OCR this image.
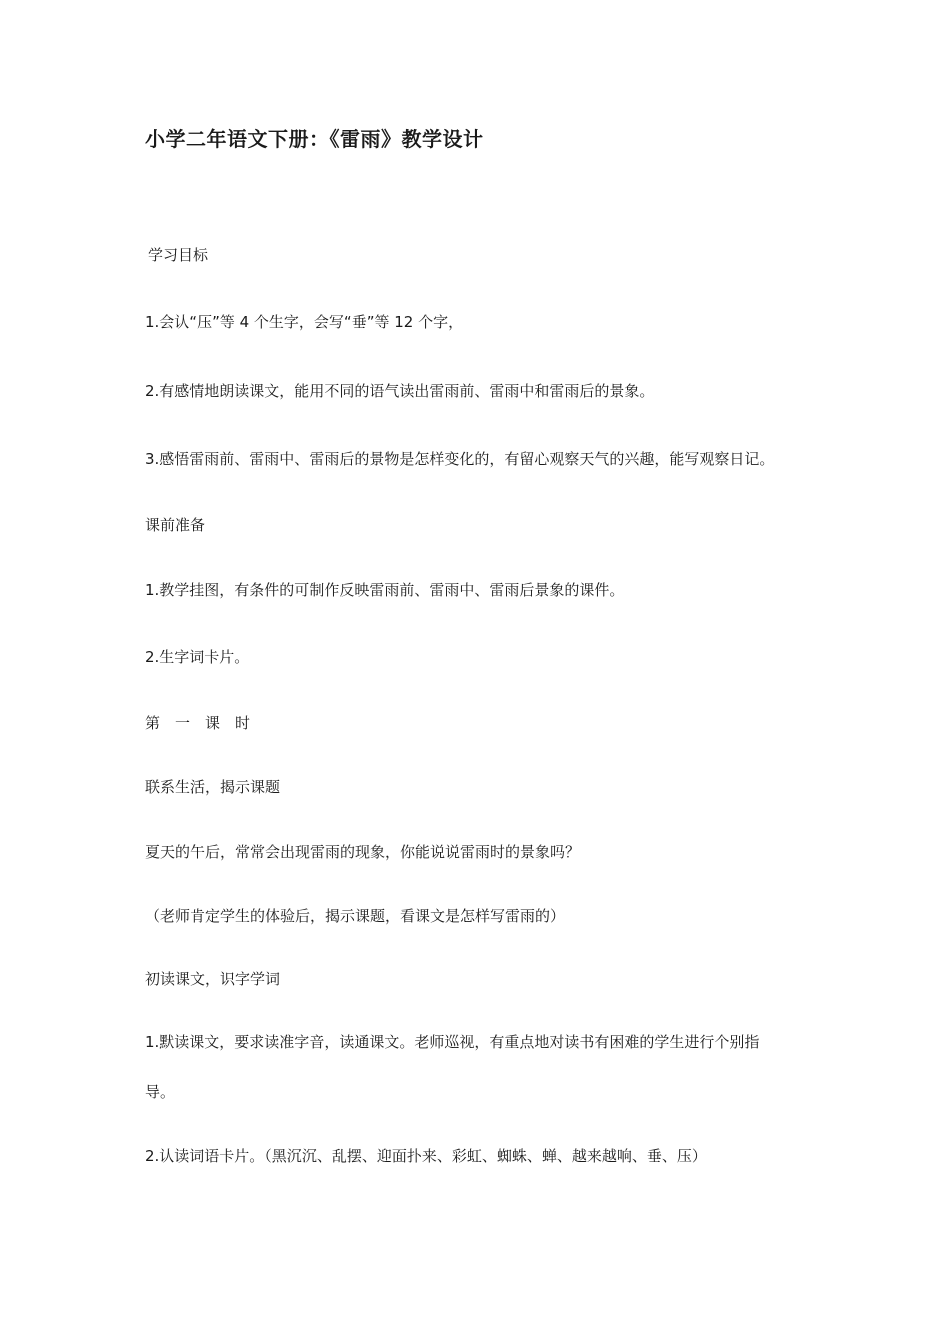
小学二年语文下册：《雷雨》教学设计
学习目标
1.会认“压”等 4 个生字，会写“垂”等 12 个字，
2.有感情地朗读课文，能用不同的语气读出雷雨前、雷雨中和雷雨后的景象。
3.感悟雷雨前、雷雨中、雷雨后的景物是怎样变化的，有留心观察天气的兴趣，能写观察日记。
课前准备
1.教学挂图，有条件的可制作反映雷雨前、雷雨中、雷雨后景象的课件。
2.生字词卡片。
第　一　课　时
联系生活，揭示课题
夏天的午后，常常会出现雷雨的现象，你能说说雷雨时的景象吗？
（老师肯定学生的体验后，揭示课题，看课文是怎样写雷雨的）
初读课文，识字学词
1.默读课文，要求读准字音，读通课文。老师巡视，有重点地对读书有困难的学生进行个别指
导。
2.认读词语卡片。（黑沉沉、乱摆、迎面扑来、彩虹、蜘蛛、蝉、越来越响、垂、压）
